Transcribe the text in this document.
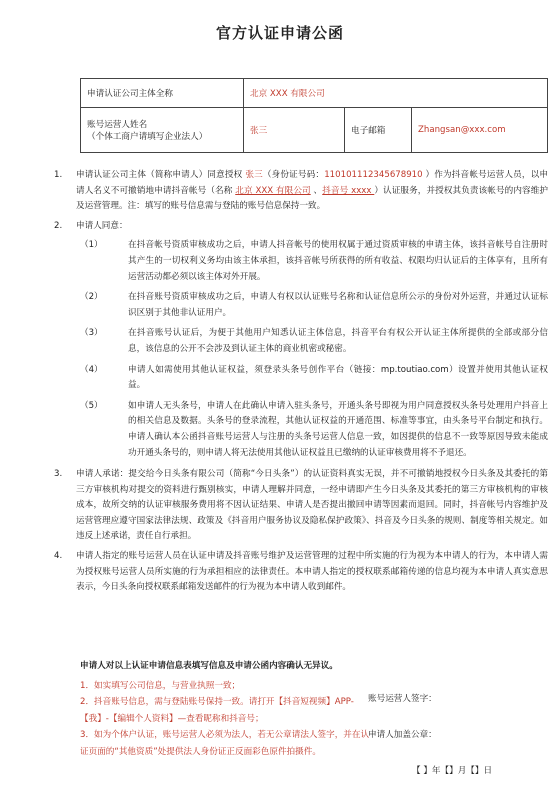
官方认证申请公函
申请认证公司主体全称	北京 XXX 有限公司		

账号运营人姓名
（个体工商户请填写企业法人）	张三	电子邮箱	Zhangsan@xxx.com
1. 申请认证公司主体（简称申请人）同意授权 张三（身份证号码：110101112345678910 ）作为抖音帐号运营人员，以申请人名义不可撤销地申请抖音帐号（名称 北京 XXX 有限公司 、抖音号 xxxx ）认证服务，并授权其负责该帐号的内容维护及运营管理。注：填写的账号信息需与登陆的账号信息保持一致。
2. 申请人同意：
（1）	在抖音帐号资质审核成功之后，申请人抖音帐号的使用权属于通过资质审核的申请主体，该抖音帐号自注册时其产生的一切权利义务均由该主体承担，该抖音帐号所获得的所有收益、权限均归认证后的主体享有，且所有运营活动都必须以该主体对外开展。
（2）	在抖音账号资质审核成功之后，申请人有权以认证账号名称和认证信息所公示的身份对外运营，并通过认证标识区别于其他非认证用户。
（3）	在抖音账号认证后，为便于其他用户知悉认证主体信息，抖音平台有权公开认证主体所提供的全部或部分信息，该信息的公开不会涉及到认证主体的商业机密或秘密。
（4）	申请人如需使用其他认证权益，须登录头条号创作平台（链接：mp.toutiao.com）设置并使用其他认证权益。
（5）	如申请人无头条号，申请人在此确认申请入驻头条号，开通头条号即视为用户同意授权头条号处理用户抖音上的相关信息及数据。头条号的登录流程，其他认证权益的开通范围、标准等事宜，由头条号平台制定和执行。申请人确认本公函抖音账号运营人与注册的头条号运营人信息一致，如因提供的信息不一致等原因导致未能成功开通头条号的，则申请人将无法使用其他认证权益且已缴纳的认证审核费用将不予退还。
3. 申请人承诺：提交给今日头条有限公司（简称“今日头条”）的认证资料真实无误，并不可撤销地授权今日头条及其委托的第三方审核机构对提交的资料进行甄别核实，申请人理解并同意，一经申请即产生今日头条及其委托的第三方审核机构的审核成本，故所交纳的认证审核服务费用将不因认证结果、申请人是否提出撤回申请等因素而退回。同时，抖音帐号内容维护及运营管理应遵守国家法律法规、政策及《抖音用户服务协议及隐私保护政策》、抖音及今日头条的规则、制度等相关规定。如违反上述承诺，责任自行承担。
4. 申请人指定的账号运营人员在认证申请及抖音账号维护及运营管理的过程中所实施的行为视为本申请人的行为，本申请人需为授权账号运营人员所实施的行为承担相应的法律责任。本申请人指定的授权联系邮箱传递的信息均视为本申请人真实意思表示，今日头条向授权联系邮箱发送邮件的行为视为本申请人收到邮件。
申请人对以上认证申请信息表填写信息及申请公函内容确认无异议。
1．如实填写公司信息，与营业执照一致；
2．抖音账号信息，需与登陆账号保持一致。请打开【抖音短视频】APP-【我】-【编辑个人资料】—查看昵称和抖音号；
3．如为个体户认证，账号运营人必须为法人，若无公章请法人签字，并在认证页面的“其他资质”处提供法人身份证正反面彩色原件拍摄件。
账号运营人签字：
申请人加盖公章：
【 】年【】月【】日
